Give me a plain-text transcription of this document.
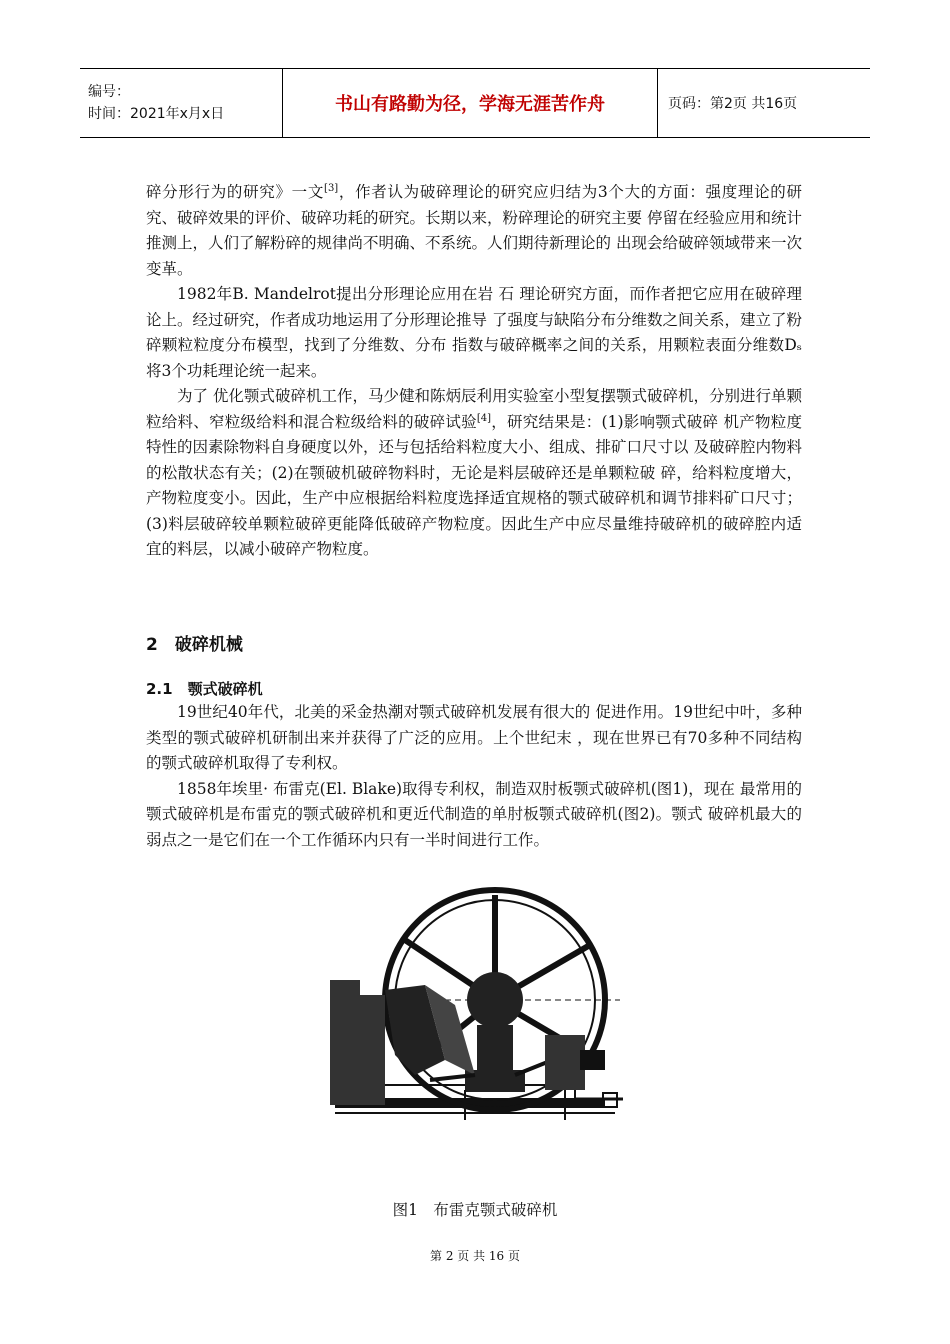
编号：
时间：2021年x月x日	书山有路勤为径，学海无涯苦作舟	页码：第2页 共16页

碎分形行为的研究》一文[3]，作者认为破碎理论的研究应归结为3个大的方面：强度理论的研究、破碎效果的评价、破碎功耗的研究。长期以来，粉碎理论的研究主要 停留在经验应用和统计推测上，人们了解粉碎的规律尚不明确、不系统。人们期待新理论的 出现会给破碎领域带来一次变革。

1982年B. Mandelrot提出分形理论应用在岩 石 理论研究方面，而作者把它应用在破碎理论上。经过研究，作者成功地运用了分形理论推导 了强度与缺陷分布分维数之间关系，建立了粉碎颗粒粒度分布模型，找到了分维数、分布 指数与破碎概率之间的关系，用颗粒表面分维数Dₛ将3个功耗理论统一起来。

为了 优化颚式破碎机工作，马少健和陈炳辰利用实验室小型复摆颚式破碎机，分别进行单颗粒给料、窄粒级给料和混合粒级给料的破碎试验[4]，研究结果是：(1)影响颚式破碎 机产物粒度特性的因素除物料自身硬度以外，还与包括给料粒度大小、组成、排矿口尺寸以 及破碎腔内物料的松散状态有关；(2)在颚破机破碎物料时，无论是料层破碎还是单颗粒破 碎，给料粒度增大，产物粒度变小。因此，生产中应根据给料粒度选择适宜规格的颚式破碎机和调节排料矿口尺寸；(3)料层破碎较单颗粒破碎更能降低破碎产物粒度。因此生产中应尽量维持破碎机的破碎腔内适宜的料层，以减小破碎产物粒度。

2　破碎机械
2.1　颚式破碎机

19世纪40年代，北美的采金热潮对颚式破碎机发展有很大的 促进作用。19世纪中叶，多种类型的颚式破碎机研制出来并获得了广泛的应用。上个世纪末 ，现在世界已有70多种不同结构的颚式破碎机取得了专利权。

1858年埃里· 布雷克(El. Blake)取得专利权，制造双肘板颚式破碎机(图1)，现在 最常用的颚式破碎机是布雷克的颚式破碎机和更近代制造的单肘板颚式破碎机(图2)。颚式 破碎机最大的弱点之一是它们在一个工作循环内只有一半时间进行工作。

图1　布雷克颚式破碎机
第 2 页 共 16 页
